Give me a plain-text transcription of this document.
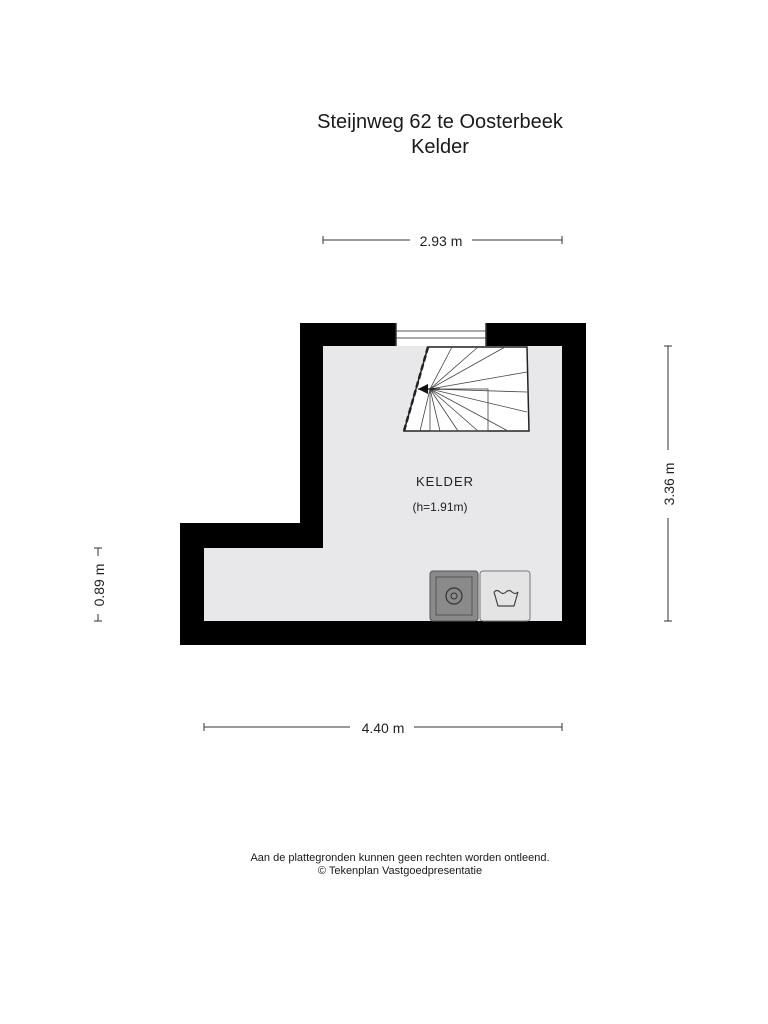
Steijnweg 62 te Oosterbeek
Kelder
KELDER
(h=1.91m)
2.93 m
3.36 m
0.89 m
4.40 m
Aan de plattegronden kunnen geen rechten worden ontleend.
© Tekenplan Vastgoedpresentatie
